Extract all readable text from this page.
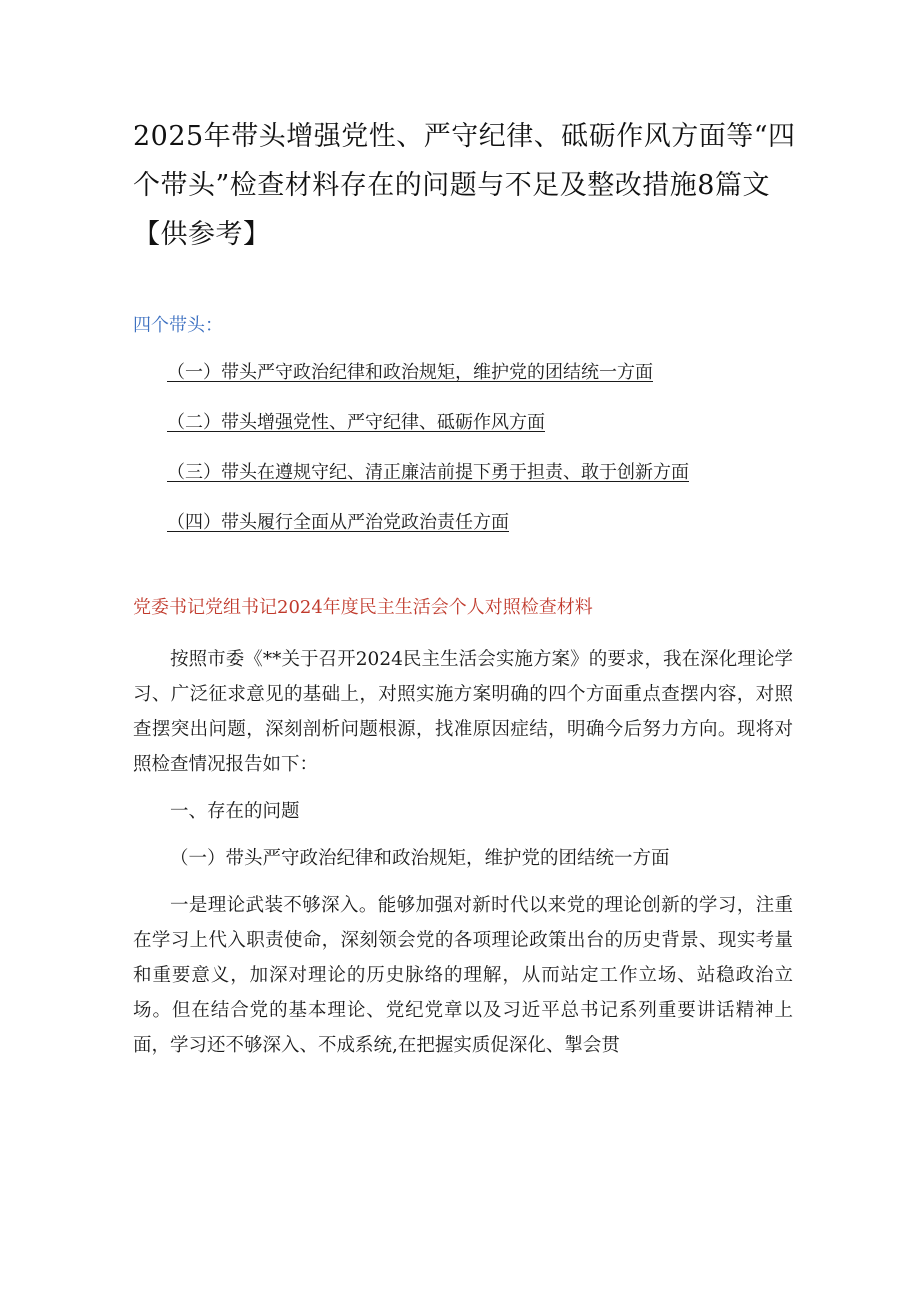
2025年带头增强党性、严守纪律、砥砺作风方面等“四个带头”检查材料存在的问题与不足及整改措施8篇文【供参考】

四个带头：

（一）带头严守政治纪律和政治规矩，维护党的团结统一方面
（二）带头增强党性、严守纪律、砥砺作风方面
（三）带头在遵规守纪、清正廉洁前提下勇于担责、敢于创新方面
（四）带头履行全面从严治党政治责任方面

党委书记党组书记2024年度民主生活会个人对照检查材料

按照市委《**关于召开2024民主生活会实施方案》的要求，我在深化理论学习、广泛征求意见的基础上，对照实施方案明确的四个方面重点查摆内容，对照查摆突出问题，深刻剖析问题根源，找准原因症结，明确今后努力方向。现将对照检查情况报告如下：

一、存在的问题

（一）带头严守政治纪律和政治规矩，维护党的团结统一方面

一是理论武装不够深入。能够加强对新时代以来党的理论创新的学习，注重在学习上代入职责使命，深刻领会党的各项理论政策出台的历史背景、现实考量和重要意义，加深对理论的历史脉络的理解，从而站定工作立场、站稳政治立场。但在结合党的基本理论、党纪党章以及习近平总书记系列重要讲话精神上面，学习还不够深入、不成系统,在把握实质促深化、掣会贯
